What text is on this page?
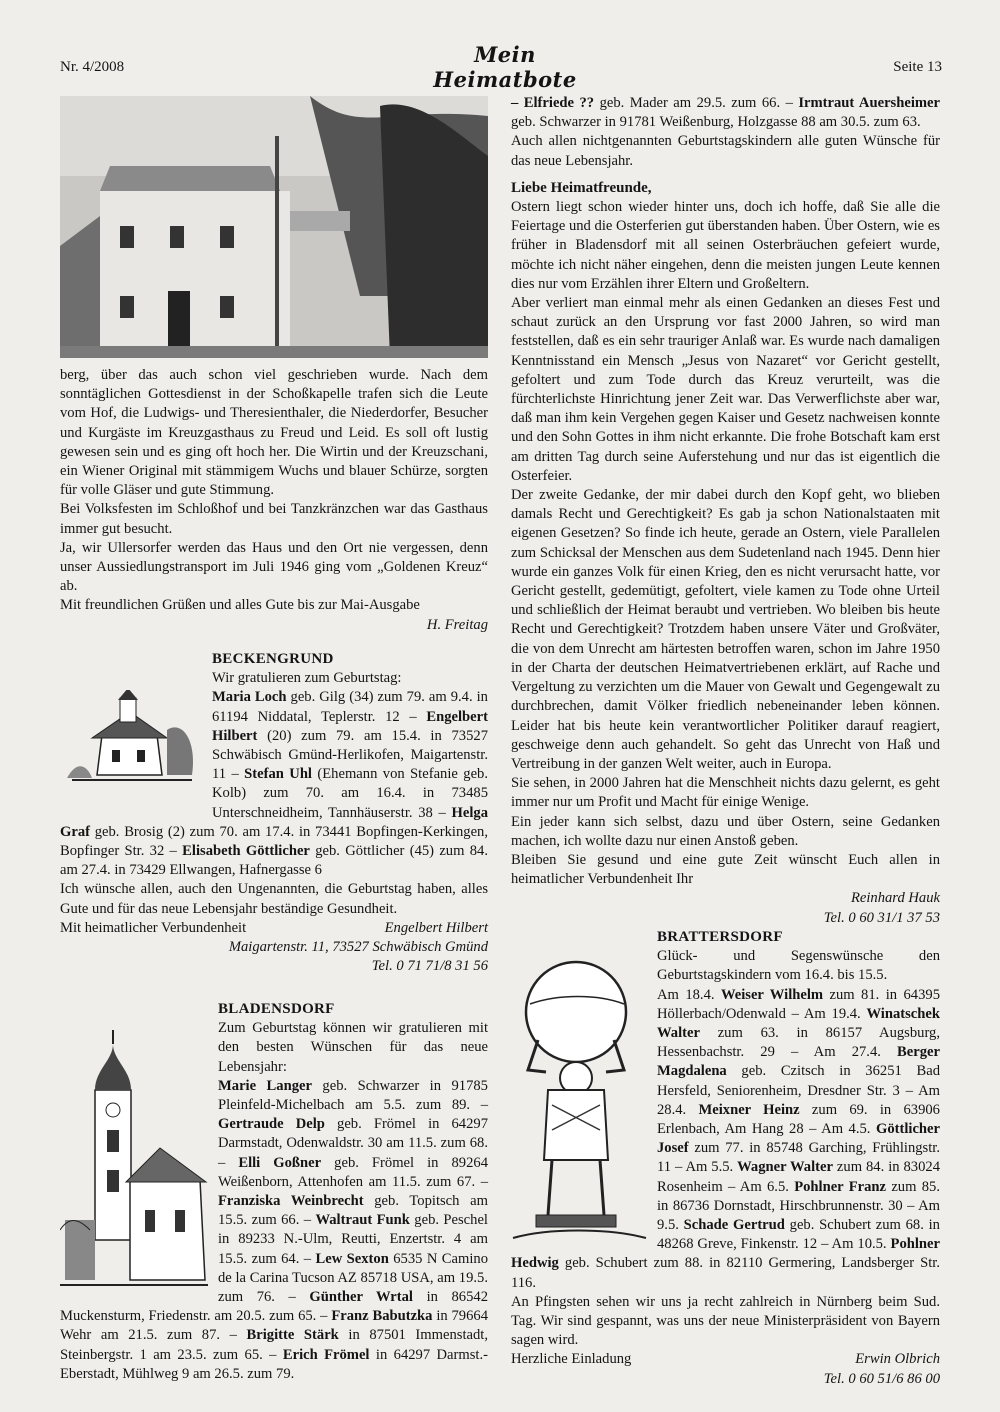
Nr. 4/2008	Mein Heimatbote	Seite 13

berg, über das auch schon viel geschrieben wurde. Nach dem sonntäglichen Gottesdienst in der Schoßkapelle trafen sich die Leute vom Hof, die Ludwigs- und Theresienthaler, die Niederdorfer, Besucher und Kurgäste im Kreuzgasthaus zu Freud und Leid. Es soll oft lustig gewesen sein und es ging oft hoch her. Die Wirtin und der Kreuzschani, ein Wiener Original mit stämmigem Wuchs und blauer Schürze, sorgten für volle Gläser und gute Stimmung.

Bei Volksfesten im Schloßhof und bei Tanzkränzchen war das Gasthaus immer gut besucht.

Ja, wir Ullersorfer werden das Haus und den Ort nie vergessen, denn unser Aussiedlungstransport im Juli 1946 ging vom „Goldenen Kreuz“ ab.

Mit freundlichen Grüßen und alles Gute bis zur Mai-Ausgabe

H. Freitag

BECKENGRUND

Wir gratulieren zum Geburtstag:

Maria Loch geb. Gilg (34) zum 79. am 9.4. in 61194 Niddatal, Teplerstr. 12 – Engelbert Hilbert (20) zum 79. am 15.4. in 73527 Schwäbisch Gmünd-Herlikofen, Maigartenstr. 11 – Stefan Uhl (Ehemann von Stefanie geb. Kolb) zum 70. am 16.4. in 73485 Unterschneidheim, Tannhäuserstr. 38 – Helga Graf geb. Brosig (2) zum 70. am 17.4. in 73441 Bopfingen-Kerkingen, Bopfinger Str. 32 – Elisabeth Göttlicher geb. Göttlicher (45) zum 84. am 27.4. in 73429 Ellwangen, Hafnergasse 6

Ich wünsche allen, auch den Ungenannten, die Geburtstag haben, alles Gute und für das neue Lebensjahr beständige Gesundheit.

Mit heimatlicher Verbundenheit	Engelbert Hilbert

Maigartenstr. 11, 73527 Schwäbisch Gmünd

Tel. 0 71 71/8 31 56

BLADENSDORF

Zum Geburtstag können wir gratulieren mit den besten Wünschen für das neue Lebensjahr:

Marie Langer geb. Schwarzer in 91785 Pleinfeld-Michelbach am 5.5. zum 89. – Gertraude Delp geb. Frömel in 64297 Darmstadt, Odenwaldstr. 30 am 11.5. zum 68. – Elli Goßner geb. Frömel in 89264 Weißenborn, Attenhofen am 11.5. zum 67. – Franziska Weinbrecht geb. Topitsch am 15.5. zum 66. – Waltraut Funk geb. Peschel in 89233 N.-Ulm, Reutti, Enzertstr. 4 am 15.5. zum 64. – Lew Sexton 6535 N Camino de la Carina Tucson AZ 85718 USA, am 19.5. zum 76. – Günther Wrtal in 86542 Muckensturm, Friedenstr. am 20.5. zum 65. – Franz Babutzka in 79664 Wehr am 21.5. zum 87. – Brigitte Stärk in 87501 Immenstadt, Steinbergstr. 1 am 23.5. zum 65. – Erich Frömel in 64297 Darmst.-Eberstadt, Mühlweg 9 am 26.5. zum 79.

– Elfriede ?? geb. Mader am 29.5. zum 66. – Irmtraut Auersheimer geb. Schwarzer in 91781 Weißenburg, Holzgasse 88 am 30.5. zum 63.

Auch allen nichtgenannten Geburtstagskindern alle guten Wünsche für das neue Lebensjahr.

Liebe Heimatfreunde,

Ostern liegt schon wieder hinter uns, doch ich hoffe, daß Sie alle die Feiertage und die Osterferien gut überstanden haben. Über Ostern, wie es früher in Bladensdorf mit all seinen Osterbräuchen gefeiert wurde, möchte ich nicht näher eingehen, denn die meisten jungen Leute kennen dies nur vom Erzählen ihrer Eltern und Großeltern.

Aber verliert man einmal mehr als einen Gedanken an dieses Fest und schaut zurück an den Ursprung vor fast 2000 Jahren, so wird man feststellen, daß es ein sehr trauriger Anlaß war. Es wurde nach damaligen Kenntnisstand ein Mensch „Jesus von Nazaret“ vor Gericht gestellt, gefoltert und zum Tode durch das Kreuz verurteilt, was die fürchterlichste Hinrichtung jener Zeit war. Das Verwerflichste aber war, daß man ihm kein Vergehen gegen Kaiser und Gesetz nachweisen konnte und den Sohn Gottes in ihm nicht erkannte. Die frohe Botschaft kam erst am dritten Tag durch seine Auferstehung und nur das ist eigentlich die Osterfeier.

Der zweite Gedanke, der mir dabei durch den Kopf geht, wo blieben damals Recht und Gerechtigkeit? Es gab ja schon Nationalstaaten mit eigenen Gesetzen? So finde ich heute, gerade an Ostern, viele Parallelen zum Schicksal der Menschen aus dem Sudetenland nach 1945. Denn hier wurde ein ganzes Volk für einen Krieg, den es nicht verursacht hatte, vor Gericht gestellt, gedemütigt, gefoltert, viele kamen zu Tode ohne Urteil und schließlich der Heimat beraubt und vertrieben. Wo bleiben bis heute Recht und Gerechtigkeit? Trotzdem haben unsere Väter und Großväter, die von dem Unrecht am härtesten betroffen waren, schon im Jahre 1950 in der Charta der deutschen Heimatvertriebenen erklärt, auf Rache und Vergeltung zu verzichten um die Mauer von Gewalt und Gegengewalt zu durchbrechen, damit Völker friedlich nebeneinander leben können. Leider hat bis heute kein verantwortlicher Politiker darauf reagiert, geschweige denn auch gehandelt. So geht das Unrecht von Haß und Vertreibung in der ganzen Welt weiter, auch in Europa.

Sie sehen, in 2000 Jahren hat die Menschheit nichts dazu gelernt, es geht immer nur um Profit und Macht für einige Wenige.

Ein jeder kann sich selbst, dazu und über Ostern, seine Gedanken machen, ich wollte dazu nur einen Anstoß geben.

Bleiben Sie gesund und eine gute Zeit wünscht Euch allen in heimatlicher Verbundenheit Ihr

Reinhard Hauk

Tel. 0 60 31/1 37 53

BRATTERSDORF

Glück- und Segenswünsche den Geburtstagskindern vom 16.4. bis 15.5.

Am 18.4. Weiser Wilhelm zum 81. in 64395 Höllerbach/Odenwald – Am 19.4. Winatschek Walter zum 63. in 86157 Augsburg, Hessenbachstr. 29 – Am 27.4. Berger Magdalena geb. Czitsch in 36251 Bad Hersfeld, Seniorenheim, Dresdner Str. 3 – Am 28.4. Meixner Heinz zum 69. in 63906 Erlenbach, Am Hang 28 – Am 4.5. Göttlicher Josef zum 77. in 85748 Garching, Frühlingstr. 11 – Am 5.5. Wagner Walter zum 84. in 83024 Rosenheim – Am 6.5. Pohlner Franz zum 85. in 86736 Dornstadt, Hirschbrunnenstr. 30 – Am 9.5. Schade Gertrud geb. Schubert zum 68. in 48268 Greve, Finkenstr. 12 – Am 10.5. Pohlner Hedwig geb. Schubert zum 88. in 82110 Germering, Landsberger Str. 116.

An Pfingsten sehen wir uns ja recht zahlreich in Nürnberg beim Sud. Tag. Wir sind gespannt, was uns der neue Ministerpräsident von Bayern sagen wird.

Herzliche Einladung	Erwin Olbrich

Tel. 0 60 51/6 86 00
